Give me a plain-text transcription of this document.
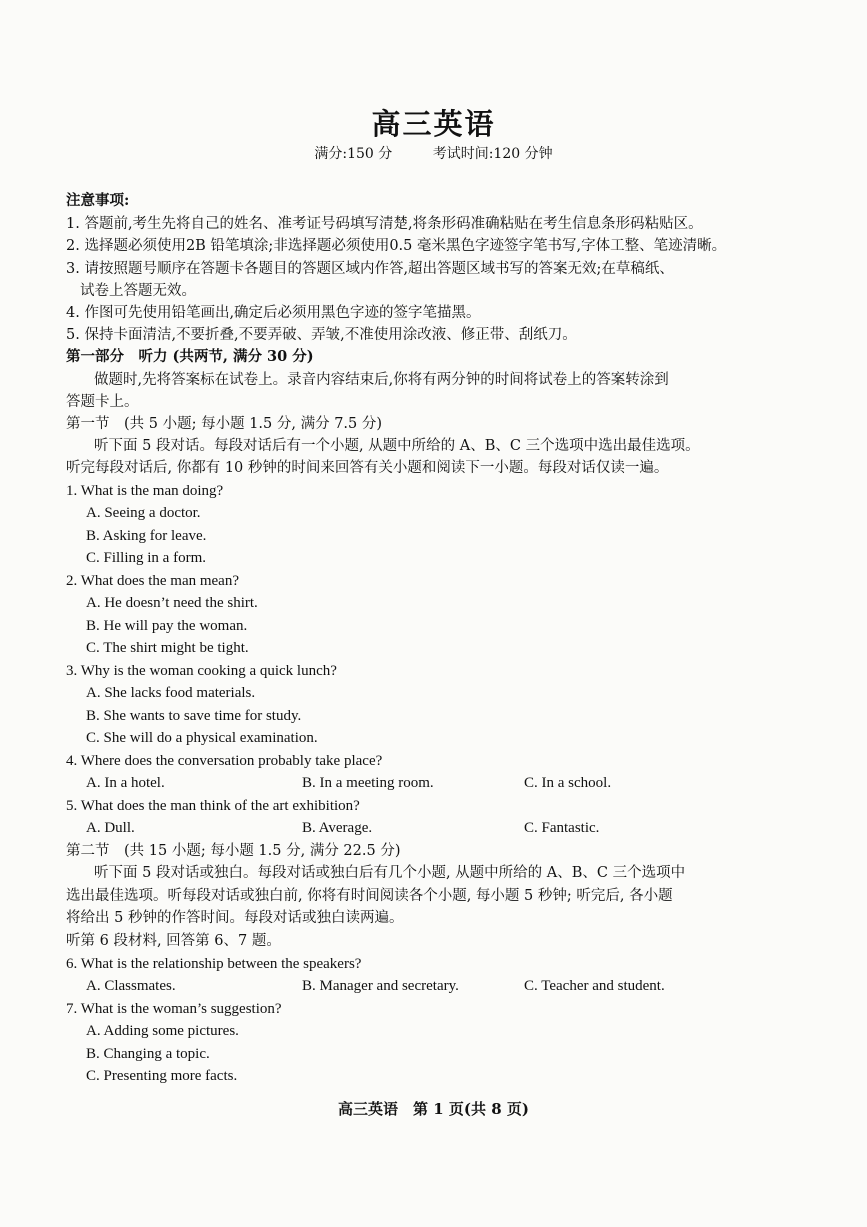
高三英语
满分:150 分	考试时间:120 分钟
注意事项:
1. 答题前,考生先将自己的姓名、准考证号码填写清楚,将条形码准确粘贴在考生信息条形码粘贴区。
2. 选择题必须使用2B 铅笔填涂;非选择题必须使用0.5 毫米黑色字迹签字笔书写,字体工整、笔迹清晰。
3. 请按照题号顺序在答题卡各题目的答题区域内作答,超出答题区域书写的答案无效;在草稿纸、
试卷上答题无效。
4. 作图可先使用铅笔画出,确定后必须用黑色字迹的签字笔描黑。
5. 保持卡面清洁,不要折叠,不要弄破、弄皱,不准使用涂改液、修正带、刮纸刀。
第一部分　听力 (共两节, 满分 30 分)
做题时,先将答案标在试卷上。录音内容结束后,你将有两分钟的时间将试卷上的答案转涂到
答题卡上。
第一节　(共 5 小题; 每小题 1.5 分, 满分 7.5 分)
听下面 5 段对话。每段对话后有一个小题, 从题中所给的 A、B、C 三个选项中选出最佳选项。
听完每段对话后, 你都有 10 秒钟的时间来回答有关小题和阅读下一小题。每段对话仅读一遍。
1. What is the man doing?
A. Seeing a doctor.
B. Asking for leave.
C. Filling in a form.
2. What does the man mean?
A. He doesn’t need the shirt.
B. He will pay the woman.
C. The shirt might be tight.
3. Why is the woman cooking a quick lunch?
A. She lacks food materials.
B. She wants to save time for study.
C. She will do a physical examination.
4. Where does the conversation probably take place?
A. In a hotel.	B. In a meeting room.	C. In a school.
5. What does the man think of the art exhibition?
A. Dull.	B. Average.	C. Fantastic.
第二节　(共 15 小题; 每小题 1.5 分, 满分 22.5 分)
听下面 5 段对话或独白。每段对话或独白后有几个小题, 从题中所给的 A、B、C 三个选项中
选出最佳选项。听每段对话或独白前, 你将有时间阅读各个小题, 每小题 5 秒钟; 听完后, 各小题
将给出 5 秒钟的作答时间。每段对话或独白读两遍。
听第 6 段材料, 回答第 6、7 题。
6. What is the relationship between the speakers?
A. Classmates.	B. Manager and secretary.	C. Teacher and student.
7. What is the woman’s suggestion?
A. Adding some pictures.
B. Changing a topic.
C. Presenting more facts.
高三英语　第 1 页(共 8 页)
